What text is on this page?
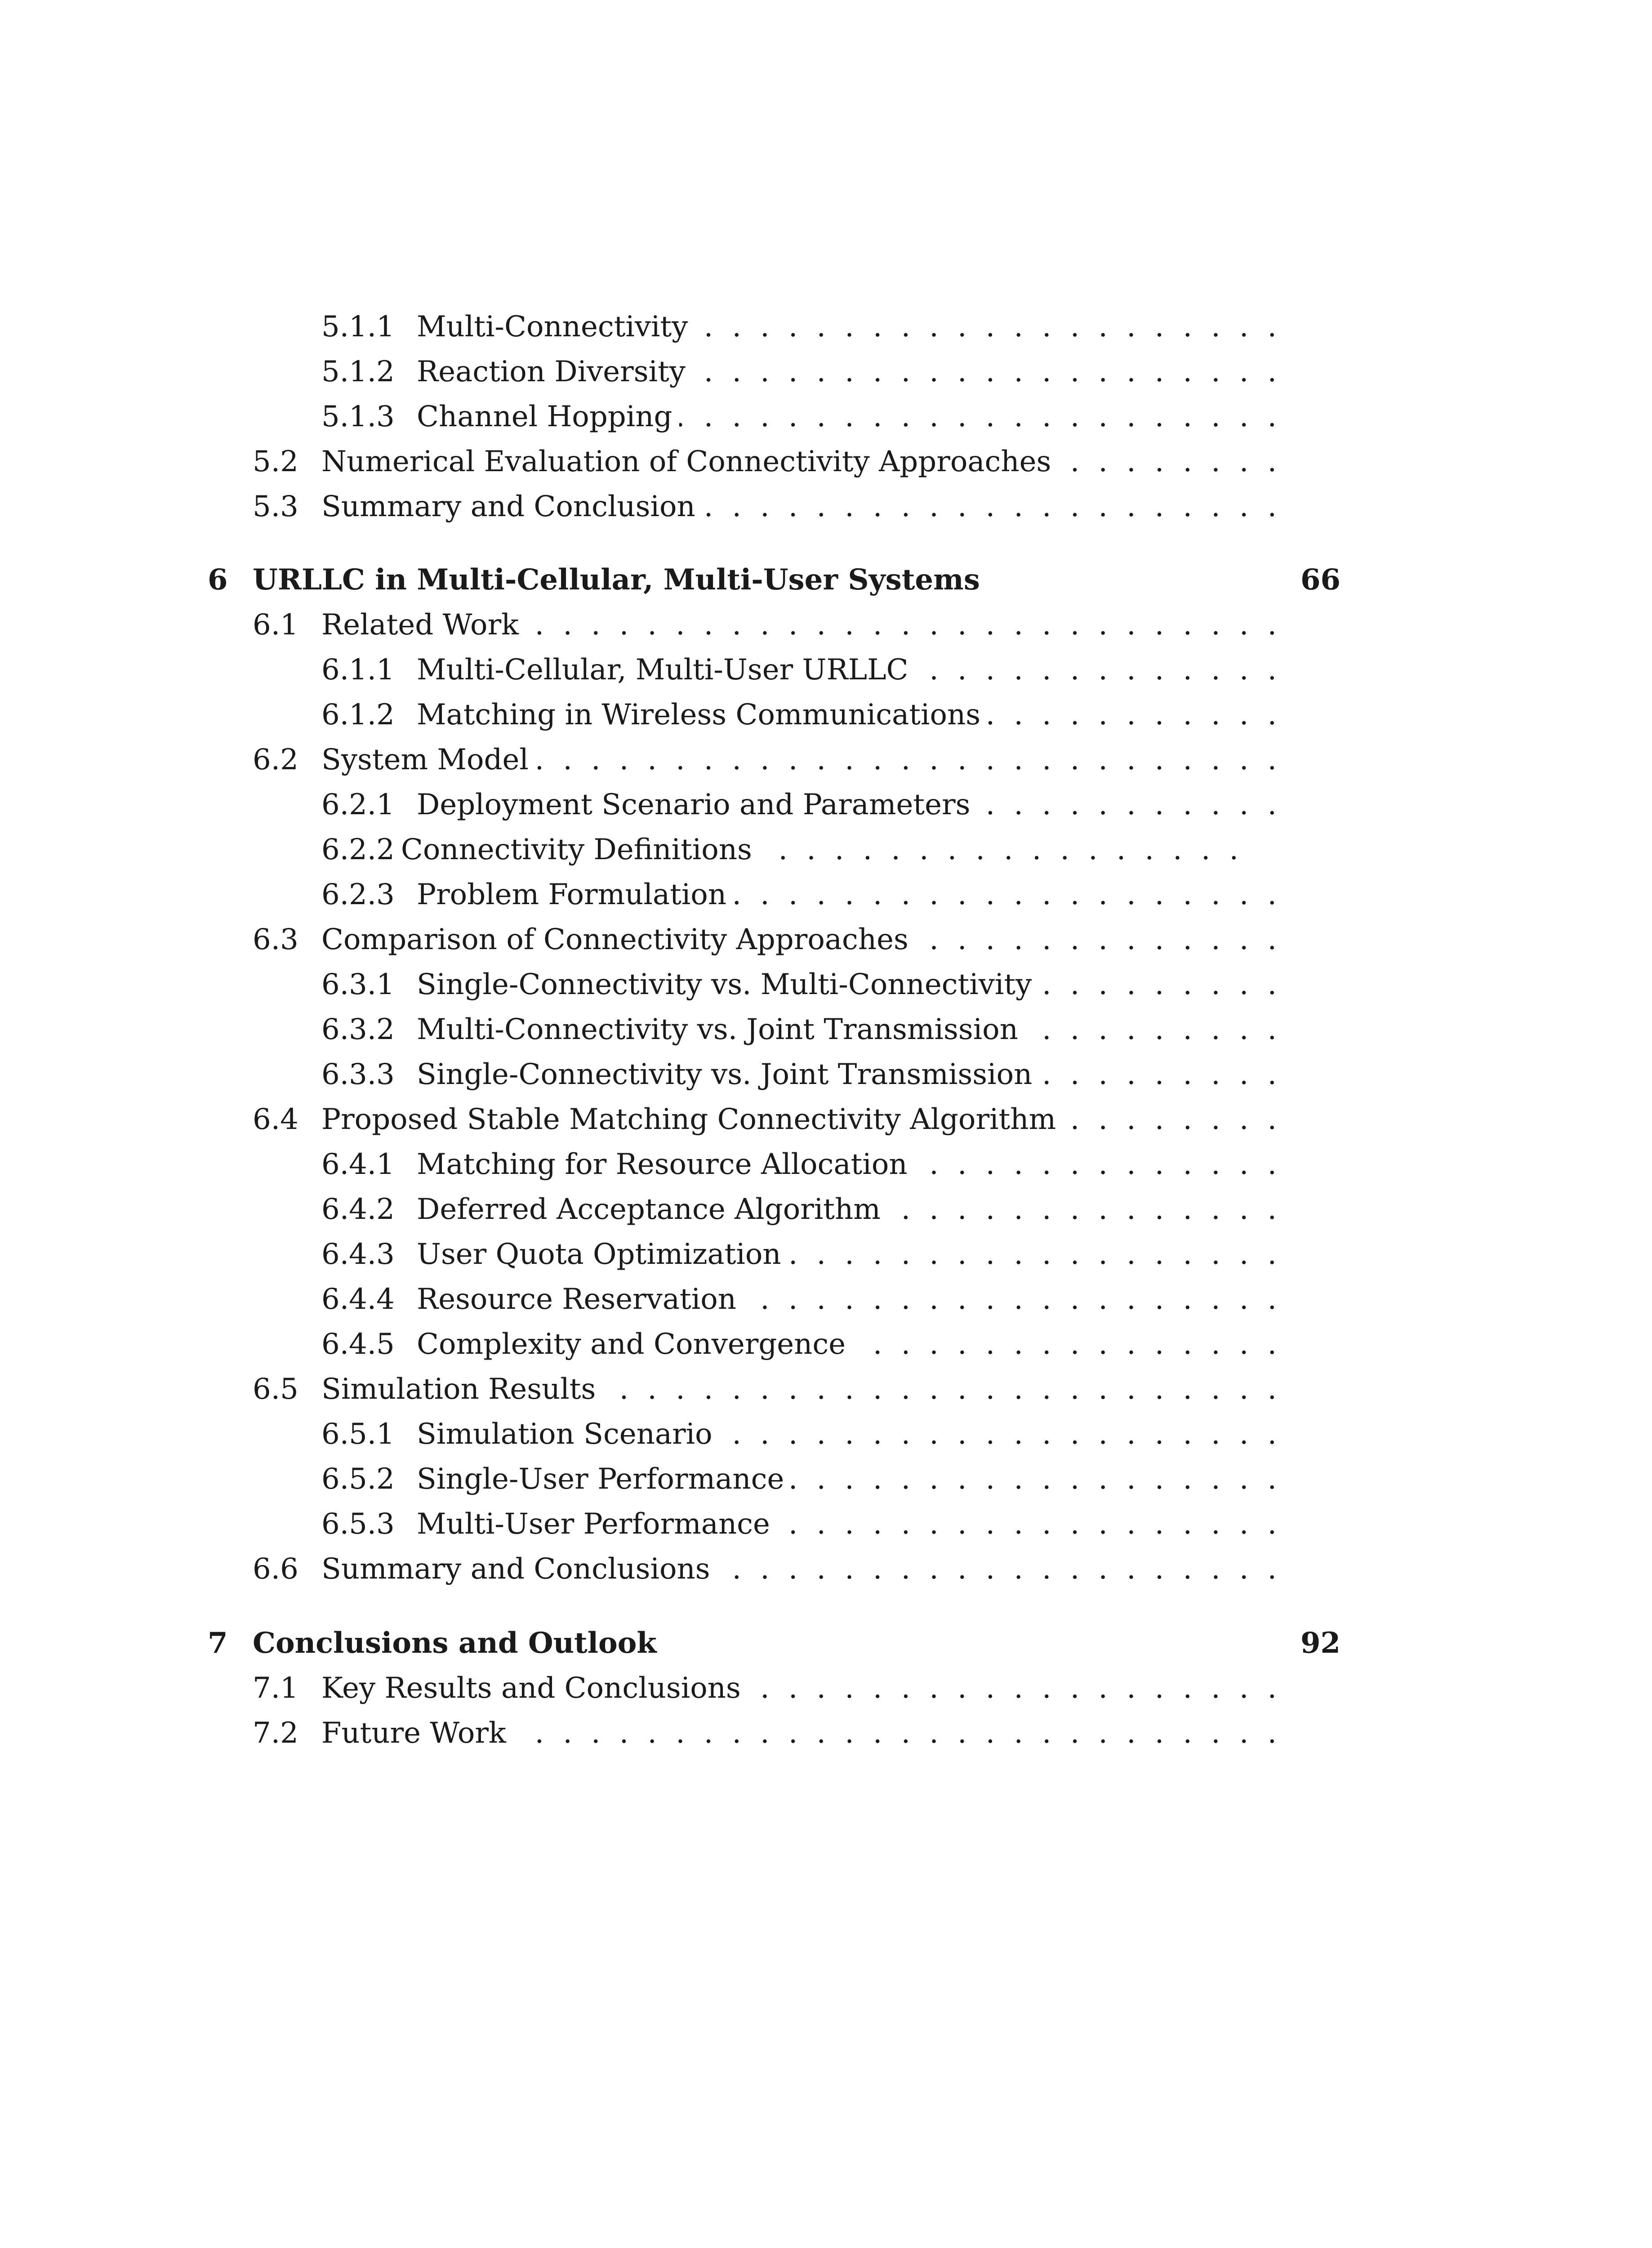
5.1.1 Multi-Connectivity
. . .
5.1.2 Reaction Diversity
. . .
5.1.3 Channel Hopping
. . .
5.2 Numerical Evaluation of Connectivity Approaches
. . .
5.3 Summary and Conclusion
. . .
6 URLLC in Multi-Cellular, Multi-User Systems	66
6.1 Related Work
. . .
6.1.1 Multi-Cellular, Multi-User URLLC
. . .
6.1.2 Matching in Wireless Communications
. . .
6.2 System Model
. . .
6.2.1 Deployment Scenario and Parameters
. . .
6.2.2 Connectivity Definitions
. . .
6.2.3 Problem Formulation
. . .
6.3 Comparison of Connectivity Approaches
. . .
6.3.1 Single-Connectivity vs. Multi-Connectivity
. . .
6.3.2 Multi-Connectivity vs. Joint Transmission
. . .
6.3.3 Single-Connectivity vs. Joint Transmission
. . .
6.4 Proposed Stable Matching Connectivity Algorithm
. . .
6.4.1 Matching for Resource Allocation
. . .
6.4.2 Deferred Acceptance Algorithm
. . .
6.4.3 User Quota Optimization
. . .
6.4.4 Resource Reservation
. . .
6.4.5 Complexity and Convergence
. . .
6.5 Simulation Results
. . .
6.5.1 Simulation Scenario
. . .
6.5.2 Single-User Performance
. . .
6.5.3 Multi-User Performance
. . .
6.6 Summary and Conclusions
. . .
7 Conclusions and Outlook	92
7.1 Key Results and Conclusions
. . .
7.2 Future Work
. . .
